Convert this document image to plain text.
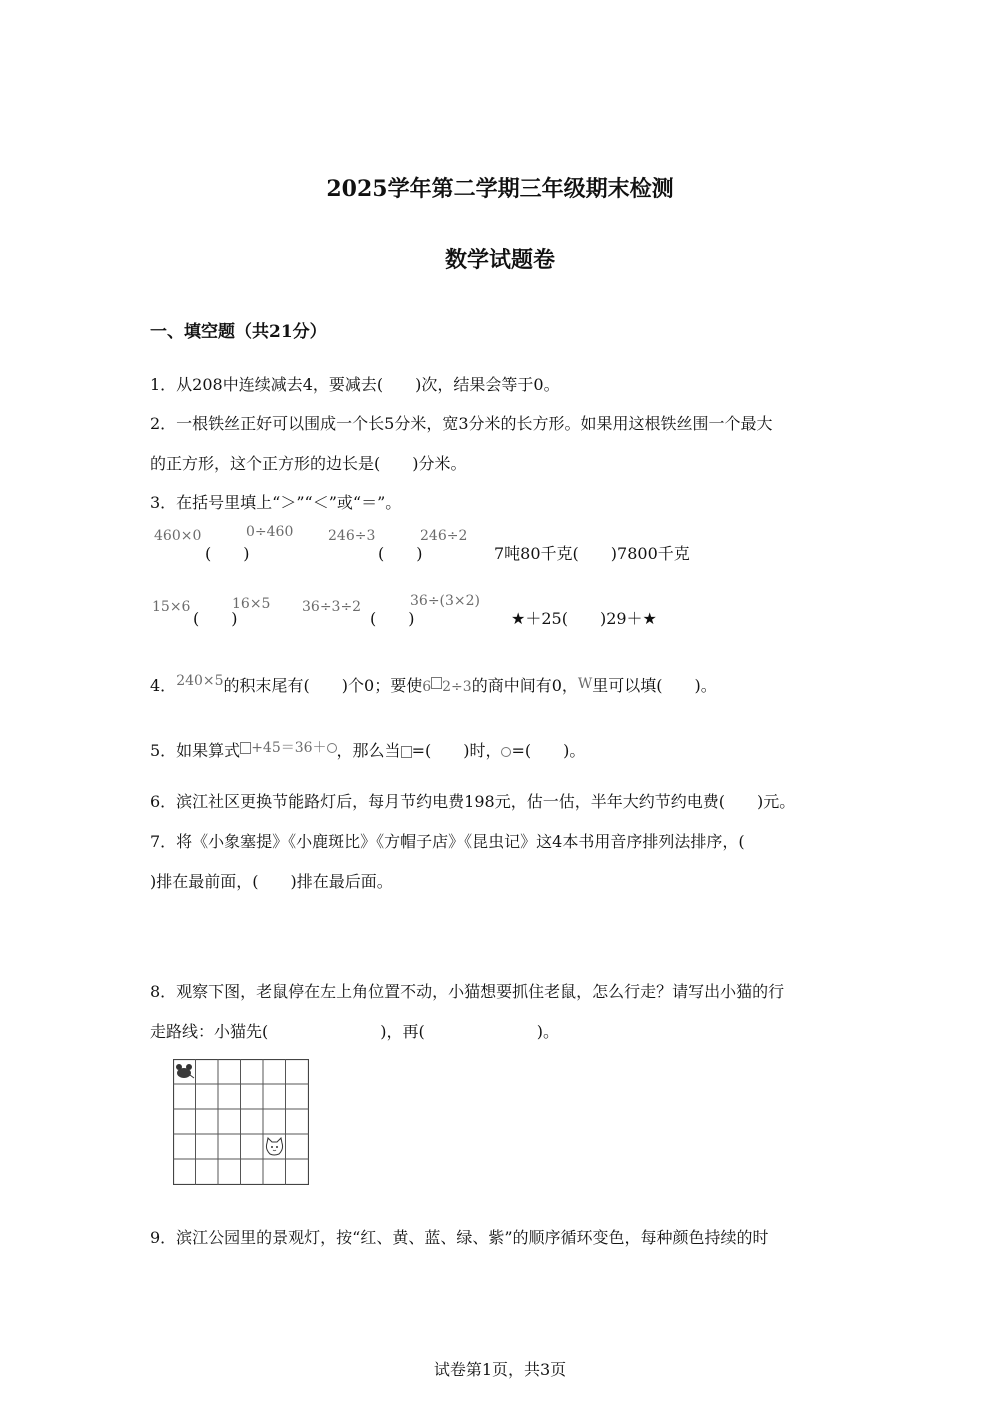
2025学年第二学期三年级期末检测
数学试题卷
一、填空题（共21分）
1．从208中连续减去4，要减去(　　)次，结果会等于0。
2．一根铁丝正好可以围成一个长5分米，宽3分米的长方形。如果用这根铁丝围一个最大
的正方形，这个正方形的边长是(　　)分米。
3．在括号里填上“＞”“＜”或“＝”。
460×0
(　　)
0÷460 246÷3
(　　)
246÷2
7吨80千克(　　)7800千克
15×6
(　　)
16×5 36÷3÷2
(　　)
36÷(3×2)
★＋25(　　)29＋★
4．240×5的积末尾有(　　)个0；要使6 2÷3的商中间有0，W里可以填(　　)。
5．如果算式 +45＝36＋ ，那么当 =(　　)时， =(　　)。
6．滨江社区更换节能路灯后，每月节约电费198元，估一估，半年大约节约电费(　　)元。
7．将《小象塞提》《小鹿斑比》《方帽子店》《昆虫记》这4本书用音序排列法排序，(
)排在最前面，(　　)排在最后面。
8．观察下图，老鼠停在左上角位置不动，小猫想要抓住老鼠，怎么行走？请写出小猫的行
走路线：小猫先(　　　　　　　)，再(　　　　　　　)。
9．滨江公园里的景观灯，按“红、黄、蓝、绿、紫”的顺序循环变色，每种颜色持续的时
试卷第1页，共3页
